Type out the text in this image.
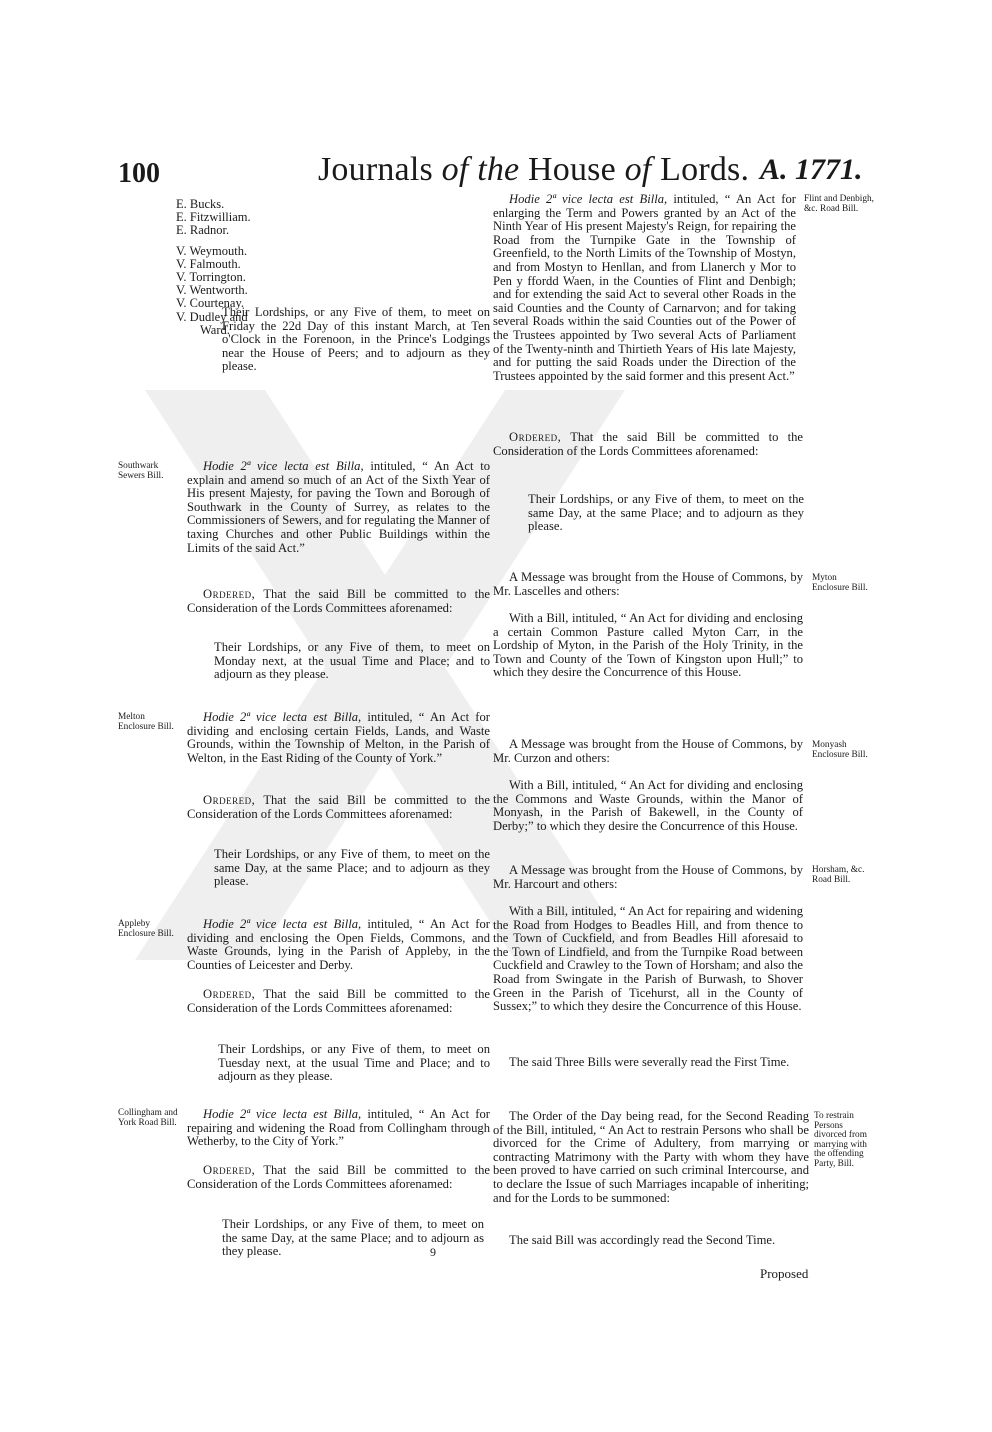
100	Journals of the House of Lords. A. 1771.
E. Bucks.
E. Fitzwilliam.
E. Radnor.
V. Weymouth.
V. Falmouth.
V. Torrington.
V. Wentworth.
V. Courtenay.
V. Dudley and
Ward.
Their Lordships, or any Five of them, to meet on Friday the 22d Day of this instant March, at Ten o'Clock in the Forenoon, in the Prince's Lodgings near the House of Peers; and to adjourn as they please.
Southwark Sewers Bill.

Hodie 2ª vice lecta est Billa, intituled, “ An Act to explain and amend so much of an Act of the Sixth Year of His present Majesty, for paving the Town and Borough of Southwark in the County of Surrey, as relates to the Commissioners of Sewers, and for regulating the Manner of taxing Churches and other Public Buildings within the Limits of the said Act.”

Ordered, That the said Bill be committed to the Consideration of the Lords Committees aforenamed:

Their Lordships, or any Five of them, to meet on Monday next, at the usual Time and Place; and to adjourn as they please.
Melton Enclosure Bill.

Hodie 2ª vice lecta est Billa, intituled, “ An Act for dividing and enclosing certain Fields, Lands, and Waste Grounds, within the Township of Melton, in the Parish of Welton, in the East Riding of the County of York.”

Ordered, That the said Bill be committed to the Consideration of the Lords Committees aforenamed:

Their Lordships, or any Five of them, to meet on the same Day, at the same Place; and to adjourn as they please.
Appleby Enclosure Bill.

Hodie 2ª vice lecta est Billa, intituled, “ An Act for dividing and enclosing the Open Fields, Commons, and Waste Grounds, lying in the Parish of Appleby, in the Counties of Leicester and Derby.

Ordered, That the said Bill be committed to the Consideration of the Lords Committees aforenamed:

Their Lordships, or any Five of them, to meet on Tuesday next, at the usual Time and Place; and to adjourn as they please.
Collingham and York Road Bill.

Hodie 2ª vice lecta est Billa, intituled, “ An Act for repairing and widening the Road from Collingham through Wetherby, to the City of York.”

Ordered, That the said Bill be committed to the Consideration of the Lords Committees aforenamed:

Their Lordships, or any Five of them, to meet on the same Day, at the same Place; and to adjourn as they please.	9
Flint and Denbigh, &c. Road Bill.

Hodie 2ª vice lecta est Billa, intituled, “ An Act for enlarging the Term and Powers granted by an Act of the Ninth Year of His present Majesty's Reign, for repairing the Road from the Turnpike Gate in the Township of Greenfield, to the North Limits of the Township of Mostyn, and from Mostyn to Henllan, and from Llanerch y Mor to Pen y ffordd Waen, in the Counties of Flint and Denbigh; and for extending the said Act to several other Roads in the said Counties and the County of Carnarvon; and for taking several Roads within the said Counties out of the Power of the Trustees appointed by Two several Acts of Parliament of the Twenty-ninth and Thirtieth Years of His late Majesty, and for putting the said Roads under the Direction of the Trustees appointed by the said former and this present Act.”

Ordered, That the said Bill be committed to the Consideration of the Lords Committees aforenamed:

Their Lordships, or any Five of them, to meet on the same Day, at the same Place; and to adjourn as they please.
Myton Enclosure Bill.

A Message was brought from the House of Commons, by Mr. Lascelles and others:

With a Bill, intituled, “ An Act for dividing and enclosing a certain Common Pasture called Myton Carr, in the Lordship of Myton, in the Parish of the Holy Trinity, in the Town and County of the Town of Kingston upon Hull;” to which they desire the Concurrence of this House.

Monyash Enclosure Bill.

A Message was brought from the House of Commons, by Mr. Curzon and others:

With a Bill, intituled, “ An Act for dividing and enclosing the Commons and Waste Grounds, within the Manor of Monyash, in the Parish of Bakewell, in the County of Derby;” to which they desire the Concurrence of this House.

Horsham, &c. Road Bill.

A Message was brought from the House of Commons, by Mr. Harcourt and others:

With a Bill, intituled, “ An Act for repairing and widening the Road from Hodges to Beadles Hill, and from thence to the Town of Cuckfield, and from Beadles Hill aforesaid to the Town of Lindfield, and from the Turnpike Road between Cuckfield and Crawley to the Town of Horsham; and also the Road from Swingate in the Parish of Burwash, to Shover Green in the Parish of Ticehurst, all in the County of Sussex;” to which they desire the Concurrence of this House.

The said Three Bills were severally read the First Time.

To restrain Persons divorced from marrying with the offending Party, Bill.

The Order of the Day being read, for the Second Reading of the Bill, intituled, “ An Act to restrain Persons who shall be divorced for the Crime of Adultery, from marrying or contracting Matrimony with the Party with whom they have been proved to have carried on such criminal Intercourse, and to declare the Issue of such Marriages incapable of inheriting; and for the Lords to be summoned:

The said Bill was accordingly read the Second Time.

Proposed
